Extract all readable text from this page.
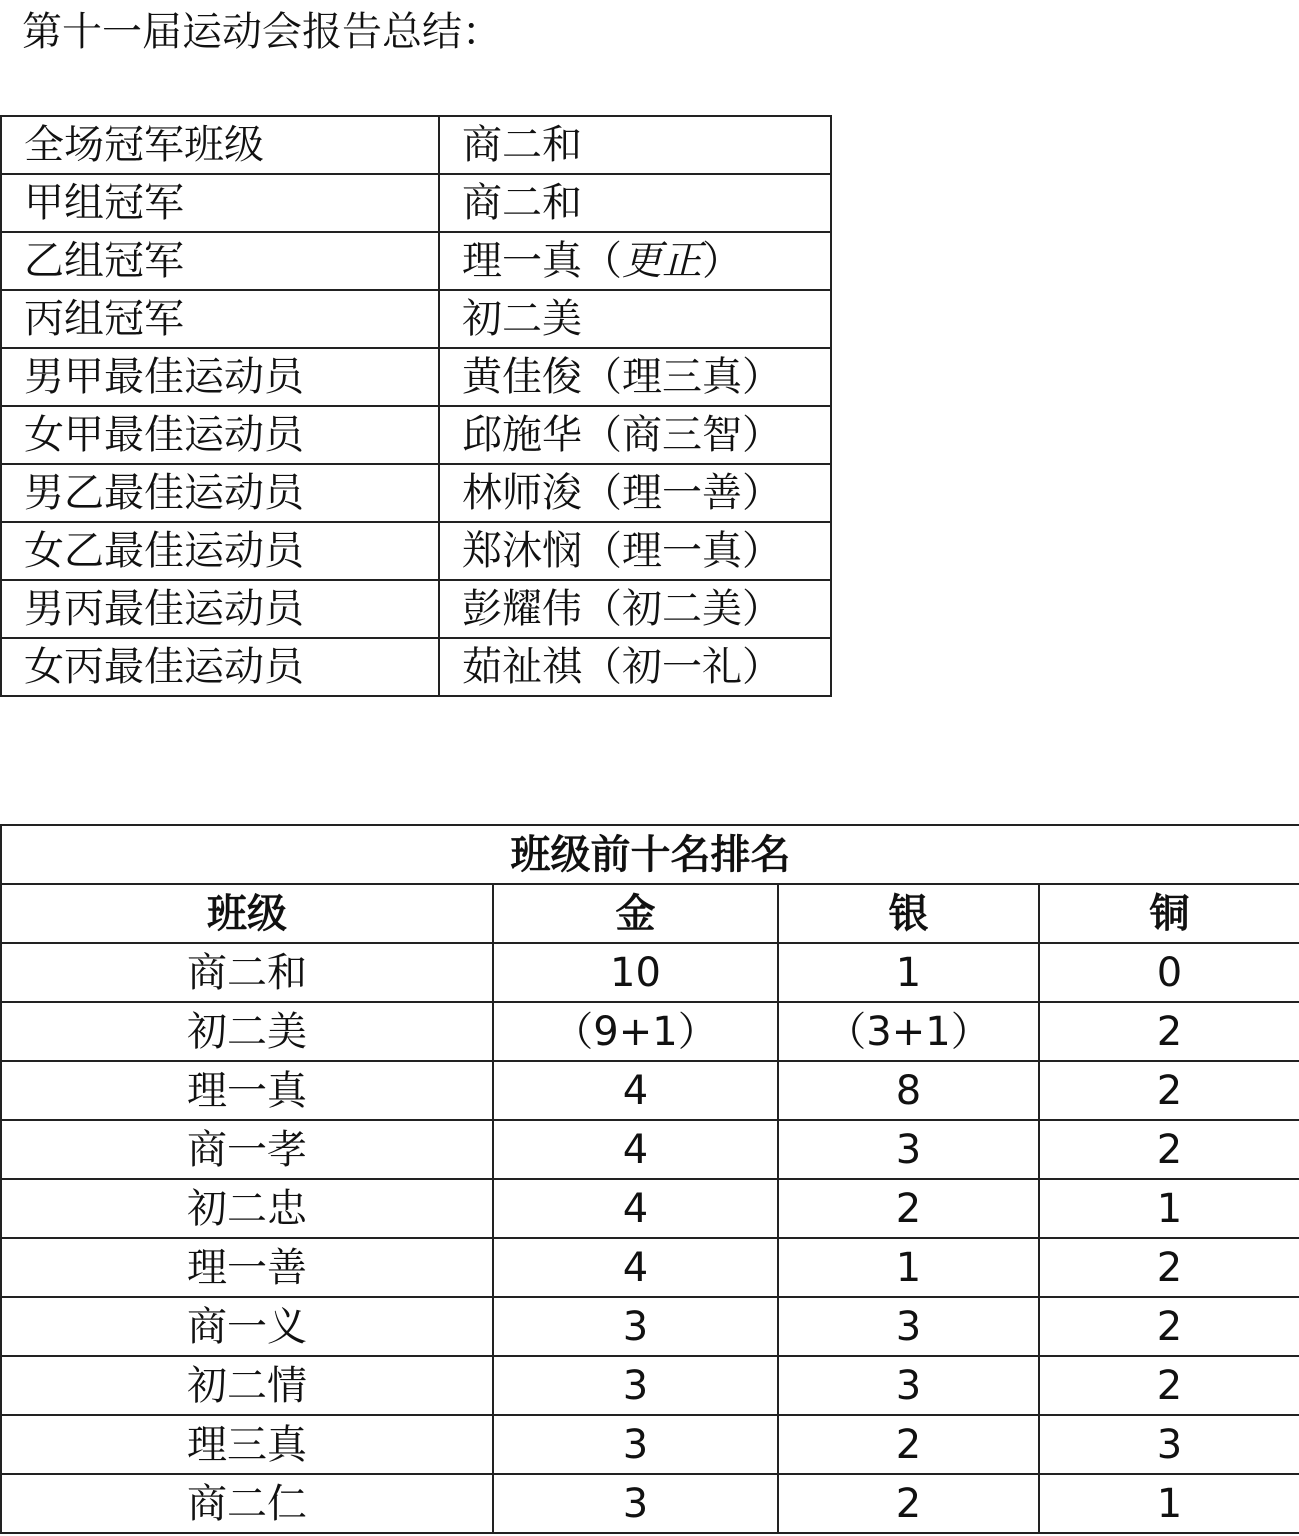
第十一届运动会报告总结：
全场冠军班级	商二和
甲组冠军	商二和
乙组冠军	理一真（更正）
丙组冠军	初二美
男甲最佳运动员	黄佳俊（理三真）
女甲最佳运动员	邱施华（商三智）
男乙最佳运动员	林师浚（理一善）
女乙最佳运动员	郑沐悯（理一真）
男丙最佳运动员	彭耀伟（初二美）
女丙最佳运动员	茹祉祺（初一礼）
班级前十名排名			
班级	金	银	铜
商二和	10	1	0
初二美	（9+1）	（3+1）	2
理一真	4	8	2
商一孝	4	3	2
初二忠	4	2	1
理一善	4	1	2
商一义	3	3	2
初二情	3	3	2
理三真	3	2	3
商二仁	3	2	1
